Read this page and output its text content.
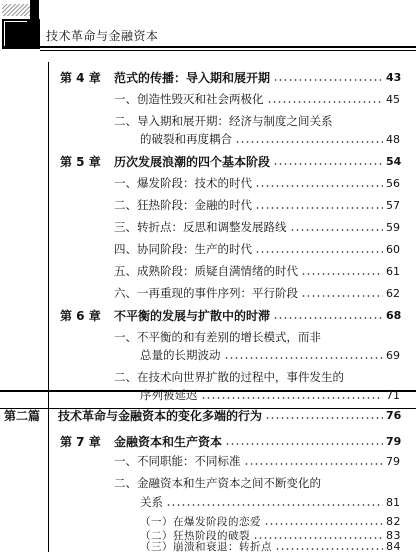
技术革命与金融资本
第 4 章 范式的传播：导入期和展开期	43
一、创造性毁灭和社会两极化	45
二、导入期和展开期：经济与制度之间关系
的破裂和再度耦合	48
第 5 章 历次发展浪潮的四个基本阶段	54
一、爆发阶段：技术的时代	56
二、狂热阶段：金融的时代	57
三、转折点：反思和调整发展路线	59
四、协同阶段：生产的时代	60
五、成熟阶段：质疑自满情绪的时代	61
六、一再重现的事件序列：平行阶段	62
第 6 章 不平衡的发展与扩散中的时滞	68
一、不平衡的和有差别的增长模式，而非
总量的长期波动	69
二、在技术向世界扩散的过程中，事件发生的
序列被延迟	71
第二篇 技术革命与金融资本的变化多端的行为	76
第 7 章 金融资本和生产资本	79
一、不同职能：不同标准	79
二、金融资本和生产资本之间不断变化的
关系	81
（一）在爆发阶段的恋爱	82
（二）狂热阶段的破裂	83
（三）崩溃和衰退：转折点	84
